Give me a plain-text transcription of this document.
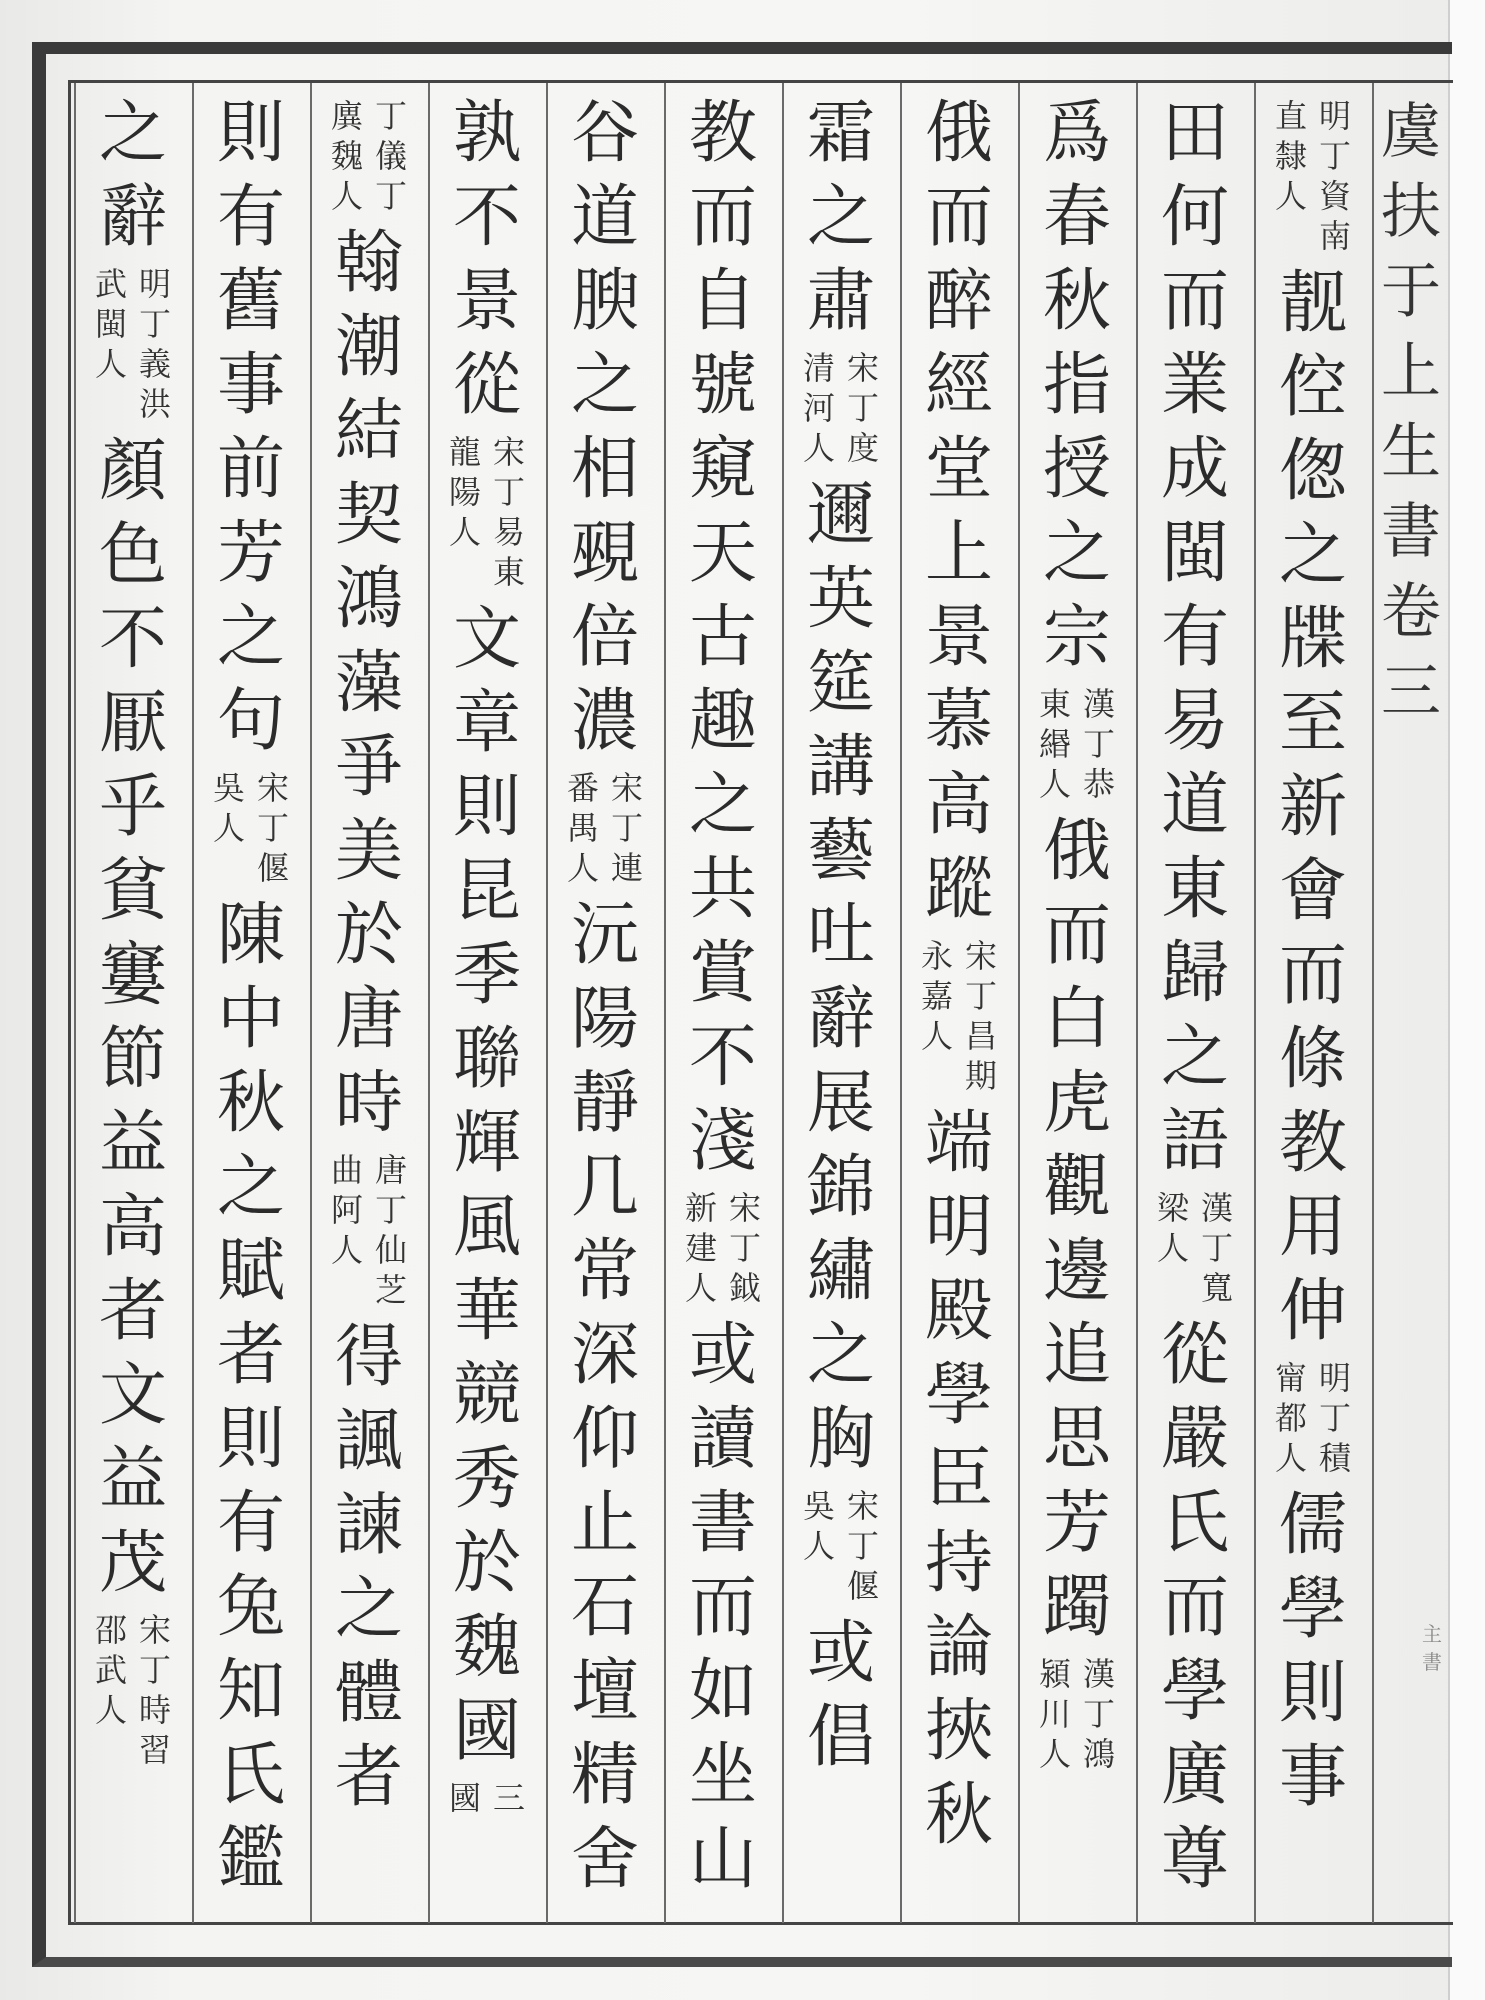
虞
扶
于
上
生
書
卷
三
主
書
明
丁
資
南
直
隸
人
靓
倥
偬
之
牒
至
新
會
而
條
教
用
伸
明
丁
積
甯
都
人
儒
學
則
事
田
何
而
業
成
閩
有
易
道
東
歸
之
語
漢
丁
寬
梁
人
從
嚴
氏
而
學
廣
尊
爲
春
秋
指
授
之
宗
漢
丁
恭
東
緡
人
俄
而
白
虎
觀
邊
追
思
芳
躅
漢
丁
鴻
潁
川
人
俄
而
醉
經
堂
上
景
慕
高
蹤
宋
丁
昌
期
永
嘉
人
端
明
殿
學
臣
持
論
挾
秋
霜
之
肅
宋
丁
度
清
河
人
邇
英
筵
講
藝
吐
辭
展
錦
繡
之
胸
宋
丁
偃
吳
人
或
倡
教
而
自
號
窺
天
古
趣
之
共
賞
不
淺
宋
丁
鉞
新
建
人
或
讀
書
而
如
坐
山
谷
道
腴
之
相
覡
倍
濃
宋
丁
連
番
禺
人
沅
陽
靜
几
常
深
仰
止
石
壇
精
舍
孰
不
景
從
宋
丁
易
東
龍
陽
人
文
章
則
昆
季
聯
輝
風
華
競
秀
於
魏
國
三
國
丁
儀
丁
廙
魏
人
翰
潮
結
契
鴻
藻
爭
美
於
唐
時
唐
丁
仙
芝
曲
阿
人
得
諷
諫
之
體
者
則
有
舊
事
前
芳
之
句
宋
丁
偃
吳
人
陳
中
秋
之
賦
者
則
有
兔
知
氏
鑑
之
辭
明
丁
義
洪
武
閩
人
顏
色
不
厭
乎
貧
窶
節
益
高
者
文
益
茂
宋
丁
時
習
邵
武
人
